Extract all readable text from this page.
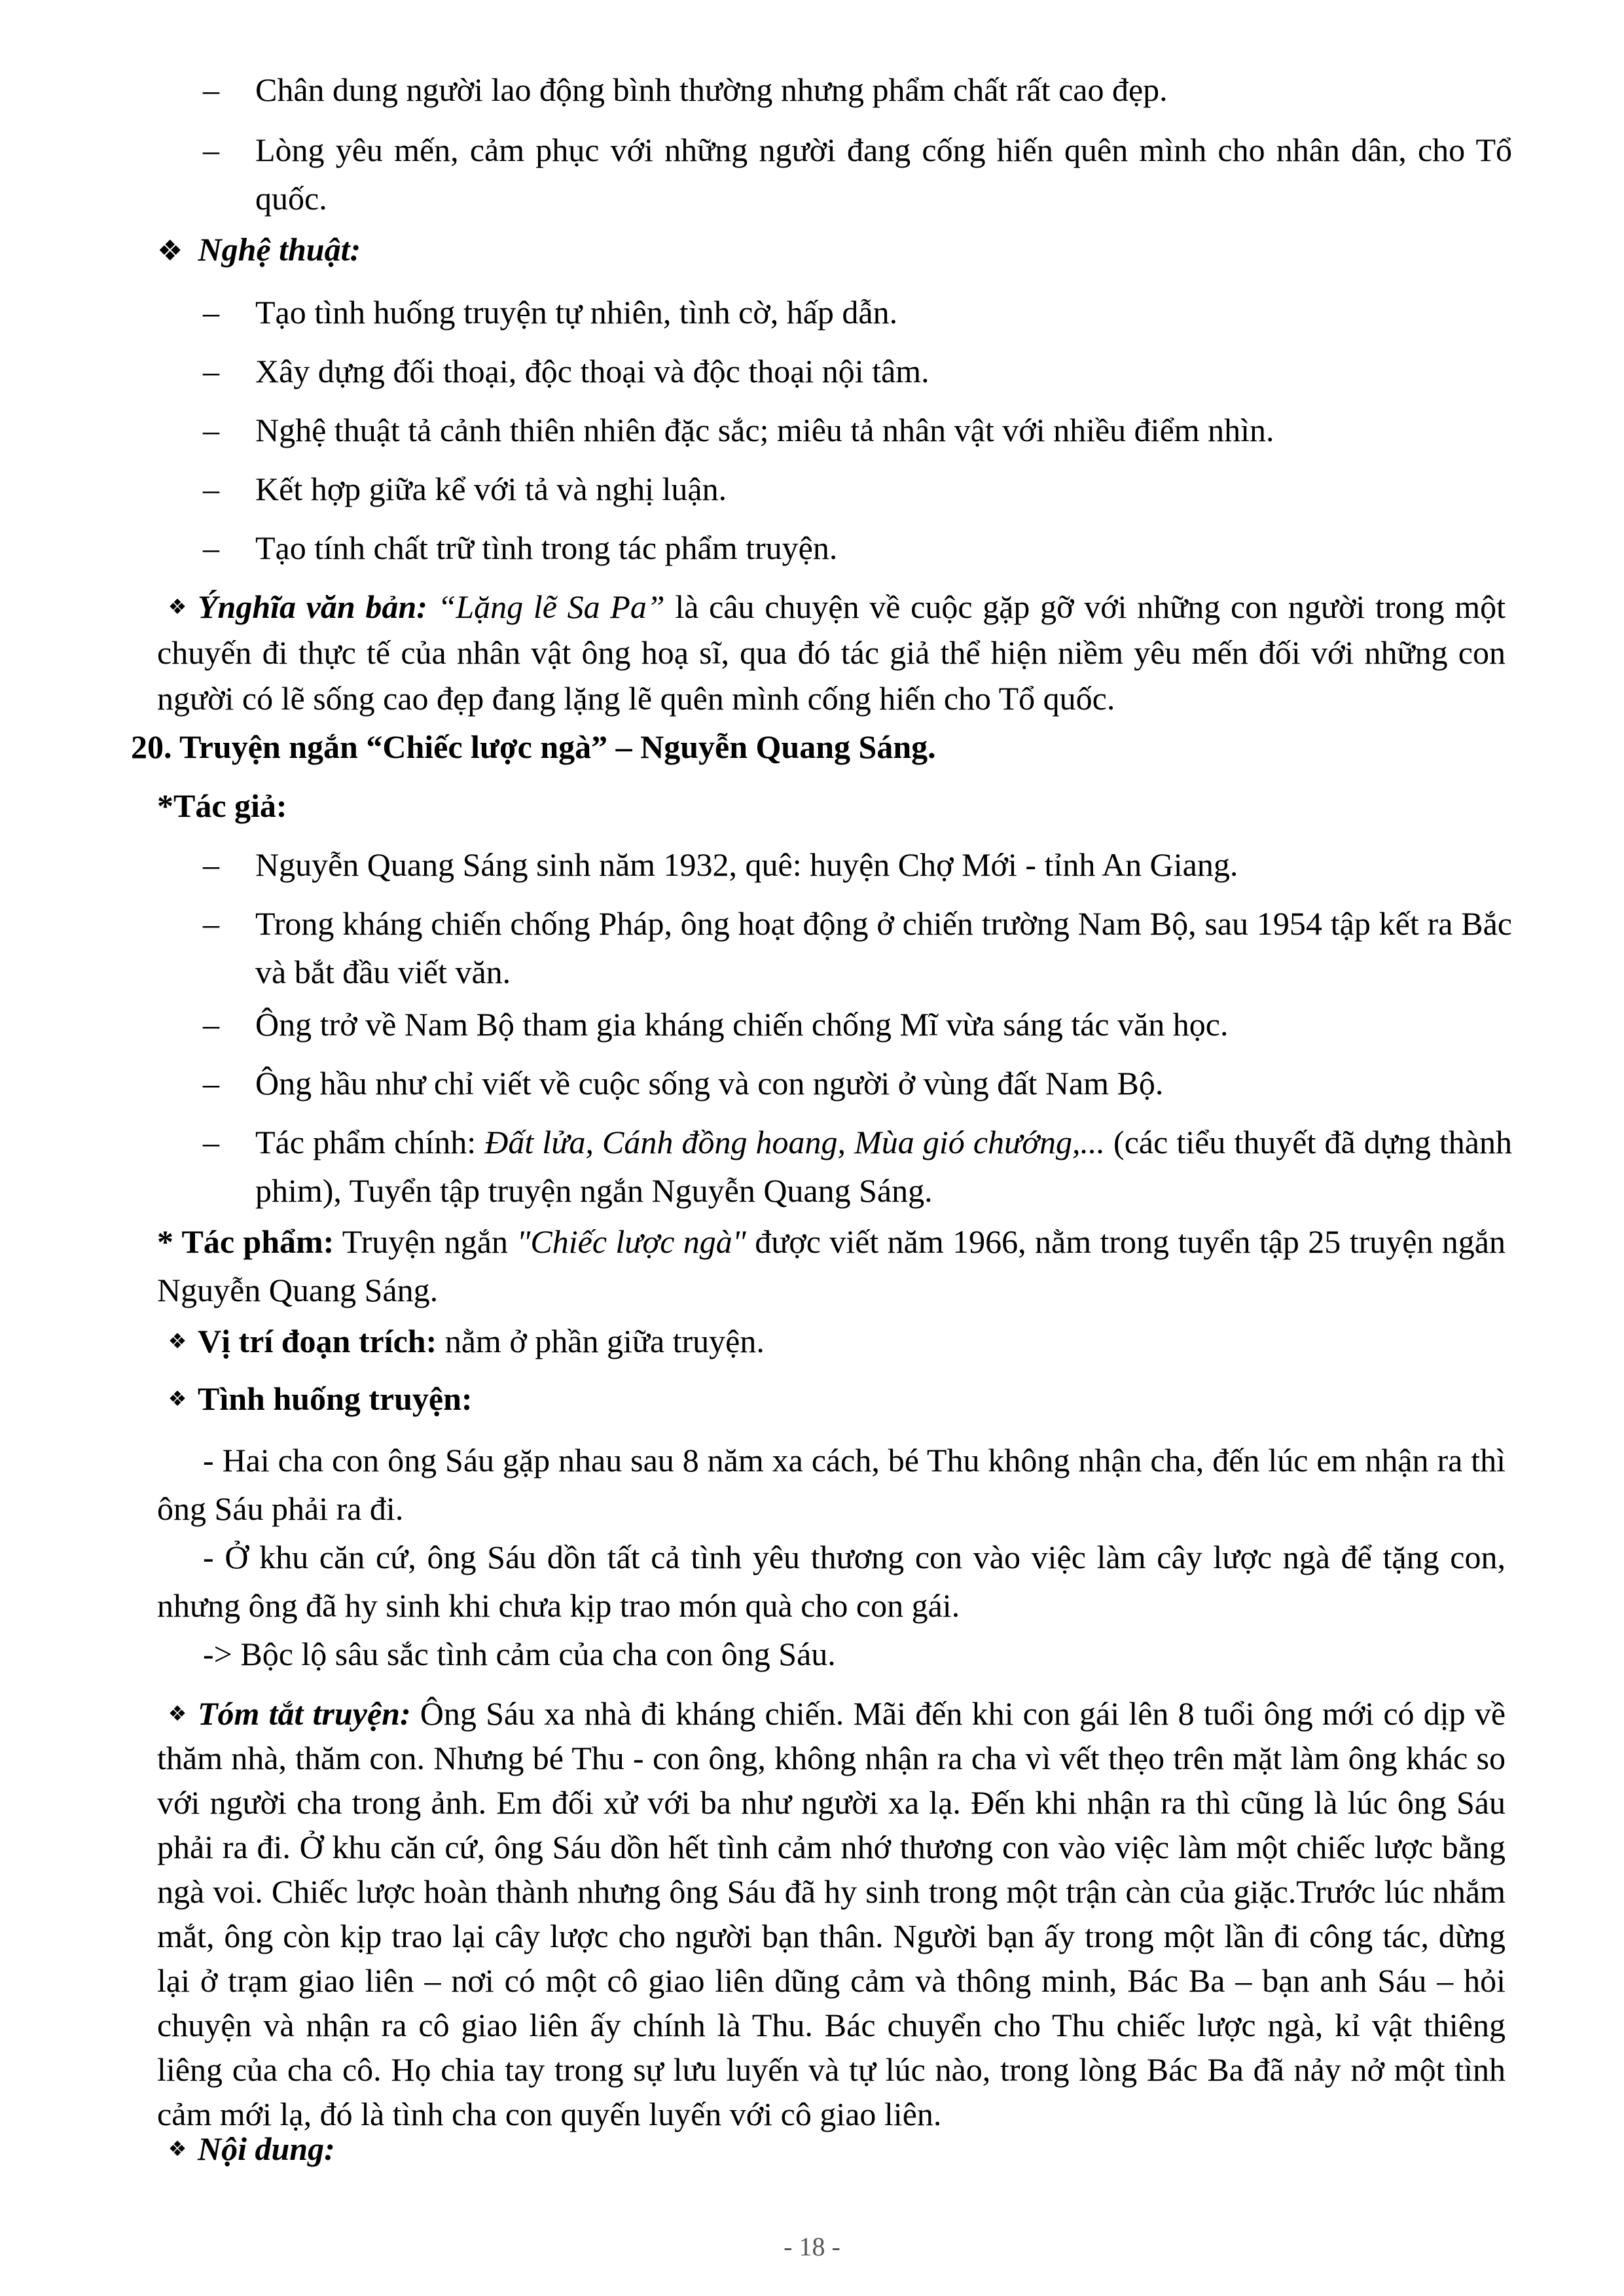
– Chân dung người lao động bình thường nhưng phẩm chất rất cao đẹp.
– Lòng yêu mến, cảm phục với những người đang cống hiến quên mình cho nhân dân, cho Tổ quốc.
❖ Nghệ thuật:
– Tạo tình huống truyện tự nhiên, tình cờ, hấp dẫn.
– Xây dựng đối thoại, độc thoại và độc thoại nội tâm.
– Nghệ thuật tả cảnh thiên nhiên đặc sắc; miêu tả nhân vật với nhiều điểm nhìn.
– Kết hợp giữa kể với tả và nghị luận.
– Tạo tính chất trữ tình trong tác phẩm truyện.
❖ Ýnghĩa văn bản: “Lặng lẽ Sa Pa” là câu chuyện về cuộc gặp gỡ với những con người trong một chuyến đi thực tế của nhân vật ông hoạ sĩ, qua đó tác giả thể hiện niềm yêu mến đối với những con người có lẽ sống cao đẹp đang lặng lẽ quên mình cống hiến cho Tổ quốc.
20. Truyện ngắn “Chiếc lược ngà” – Nguyễn Quang Sáng.
*Tác giả:
– Nguyễn Quang Sáng sinh năm 1932, quê: huyện Chợ Mới - tỉnh An Giang.
– Trong kháng chiến chống Pháp, ông hoạt động ở chiến trường Nam Bộ, sau 1954 tập kết ra Bắc và bắt đầu viết văn.
– Ông trở về Nam Bộ tham gia kháng chiến chống Mĩ vừa sáng tác văn học.
– Ông hầu như chỉ viết về cuộc sống và con người ở vùng đất Nam Bộ.
– Tác phẩm chính: Đất lửa, Cánh đồng hoang, Mùa gió chướng,... (các tiểu thuyết đã dựng thành phim), Tuyển tập truyện ngắn Nguyễn Quang Sáng.
* Tác phẩm: Truyện ngắn "Chiếc lược ngà" được viết năm 1966, nằm trong tuyển tập 25 truyện ngắn Nguyễn Quang Sáng.
❖ Vị trí đoạn trích: nằm ở phần giữa truyện.
❖ Tình huống truyện:
- Hai cha con ông Sáu gặp nhau sau 8 năm xa cách, bé Thu không nhận cha, đến lúc em nhận ra thì ông Sáu phải ra đi.
- Ở khu căn cứ, ông Sáu dồn tất cả tình yêu thương con vào việc làm cây lược ngà để tặng con, nhưng ông đã hy sinh khi chưa kịp trao món quà cho con gái.
-> Bộc lộ sâu sắc tình cảm của cha con ông Sáu.
❖ Tóm tắt truyện: Ông Sáu xa nhà đi kháng chiến. Mãi đến khi con gái lên 8 tuổi ông mới có dịp về thăm nhà, thăm con. Nhưng bé Thu - con ông, không nhận ra cha vì vết thẹo trên mặt làm ông khác so với người cha trong ảnh. Em đối xử với ba như người xa lạ. Đến khi nhận ra thì cũng là lúc ông Sáu phải ra đi. Ở khu căn cứ, ông Sáu dồn hết tình cảm nhớ thương con vào việc làm một chiếc lược bằng ngà voi. Chiếc lược hoàn thành nhưng ông Sáu đã hy sinh trong một trận càn của giặc.Trước lúc nhắm mắt, ông còn kịp trao lại cây lược cho người bạn thân. Người bạn ấy trong một lần đi công tác, dừng lại ở trạm giao liên – nơi có một cô giao liên dũng cảm và thông minh, Bác Ba – bạn anh Sáu – hỏi chuyện và nhận ra cô giao liên ấy chính là Thu. Bác chuyển cho Thu chiếc lược ngà, kỉ vật thiêng liêng của cha cô. Họ chia tay trong sự lưu luyến và tự lúc nào, trong lòng Bác Ba đã nảy nở một tình cảm mới lạ, đó là tình cha con quyến luyến với cô giao liên.
❖ Nội dung:
- 18 -
